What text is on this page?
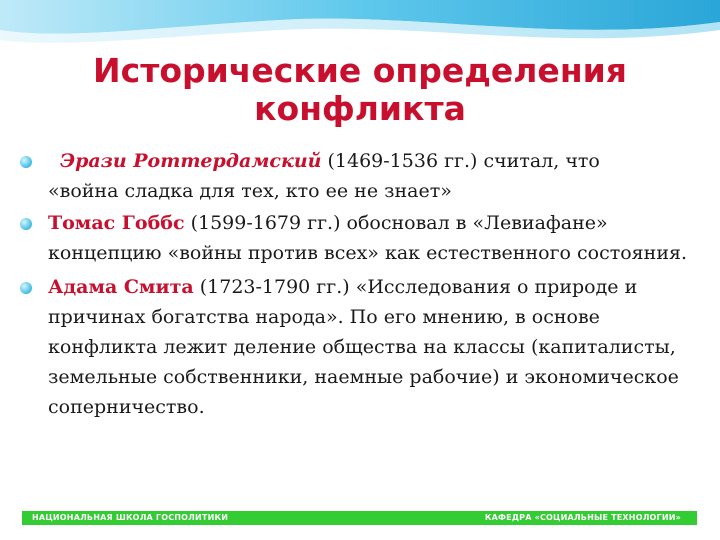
Исторические определения
конфликта
Эрази Роттердамский (1469-1536 гг.) считал, что
«война сладка для тех, кто ее не знает»
Томас Гоббс (1599-1679 гг.) обосновал в «Левиафане» концепцию «войны против всех» как естественного состояния.
Адама Смита (1723-1790 гг.) «Исследования о природе и причинах богатства народа». По его мнению, в основе конфликта лежит деление общества на классы (капиталисты, земельные собственники, наемные рабочие) и экономическое соперничество.
НАЦИОНАЛЬНАЯ ШКОЛА ГОСПОЛИТИКИ	КАФЕДРА «СОЦИАЛЬНЫЕ ТЕХНОЛОГИИ»
